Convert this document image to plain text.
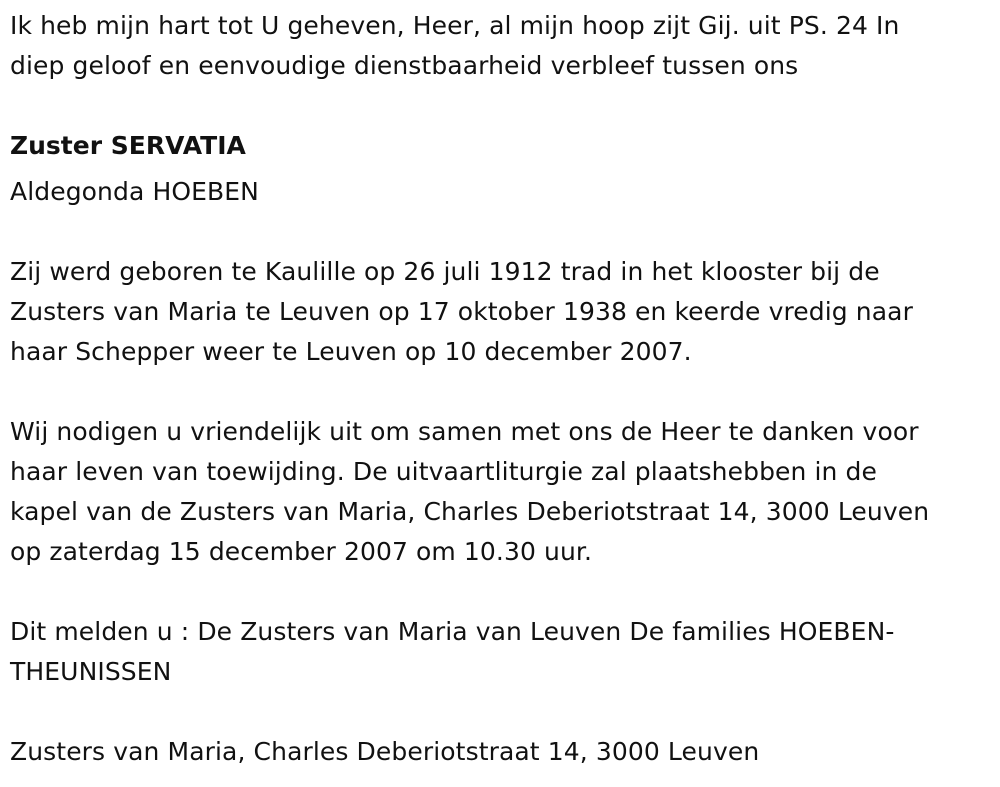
Ik heb mijn hart tot U geheven, Heer, al mijn hoop zijt Gij. uit PS. 24 In
diep geloof en eenvoudige dienstbaarheid verbleef tussen ons

Zuster SERVATIA

Aldegonda HOEBEN

Zij werd geboren te Kaulille op 26 juli 1912 trad in het klooster bij de
Zusters van Maria te Leuven op 17 oktober 1938 en keerde vredig naar
haar Schepper weer te Leuven op 10 december 2007.

Wij nodigen u vriendelijk uit om samen met ons de Heer te danken voor
haar leven van toewijding. De uitvaartliturgie zal plaatshebben in de
kapel van de Zusters van Maria, Charles Deberiotstraat 14, 3000 Leuven
op zaterdag 15 december 2007 om 10.30 uur.

Dit melden u : De Zusters van Maria van Leuven De families HOEBEN-
THEUNISSEN

Zusters van Maria, Charles Deberiotstraat 14, 3000 Leuven
